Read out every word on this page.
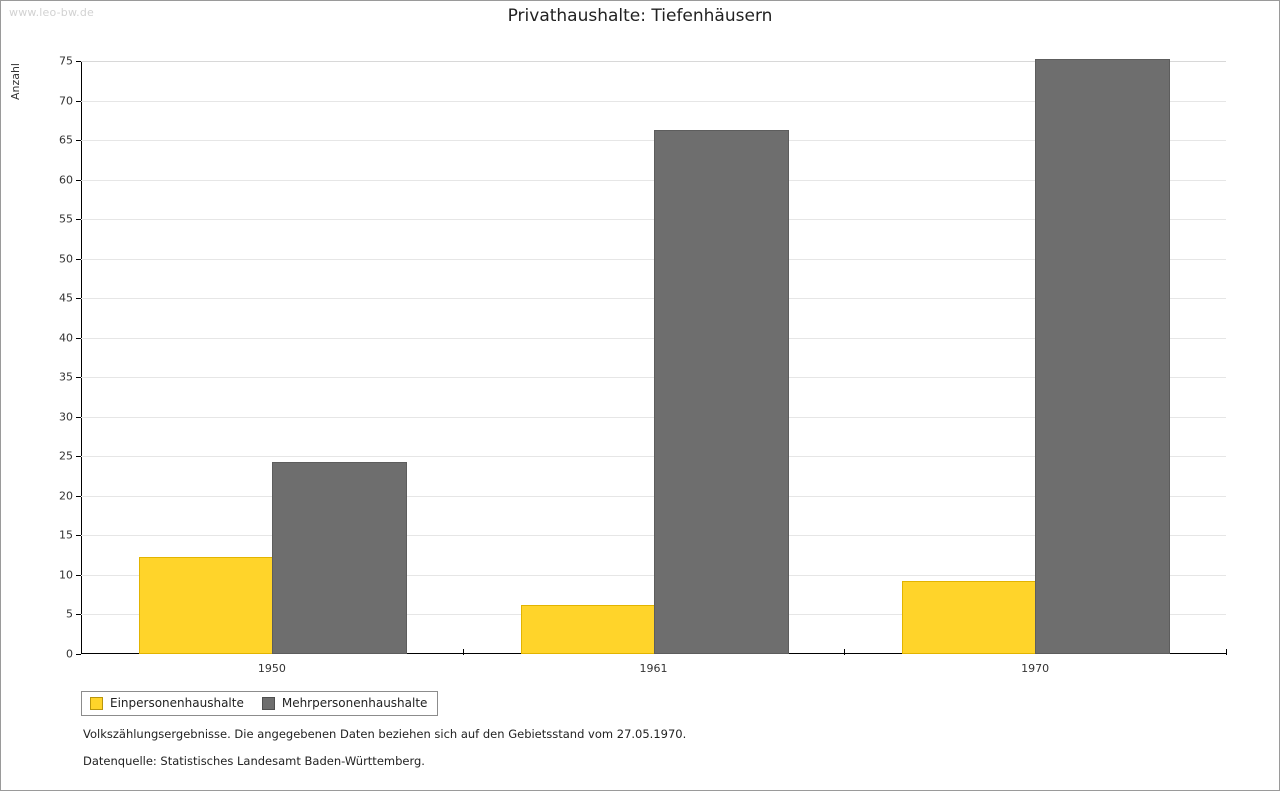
www.leo-bw.de	Privathaushalte: Tiefenhäusern
Anzahl
0
5
10
15
20
25
30
35
40
45
50
55
60
65
70
75
1950	1961	1970
Einpersonenhaushalte	Mehrpersonenhaushalte
Volkszählungsergebnisse. Die angegebenen Daten beziehen sich auf den Gebietsstand vom 27.05.1970.
Datenquelle: Statistisches Landesamt Baden-Württemberg.
